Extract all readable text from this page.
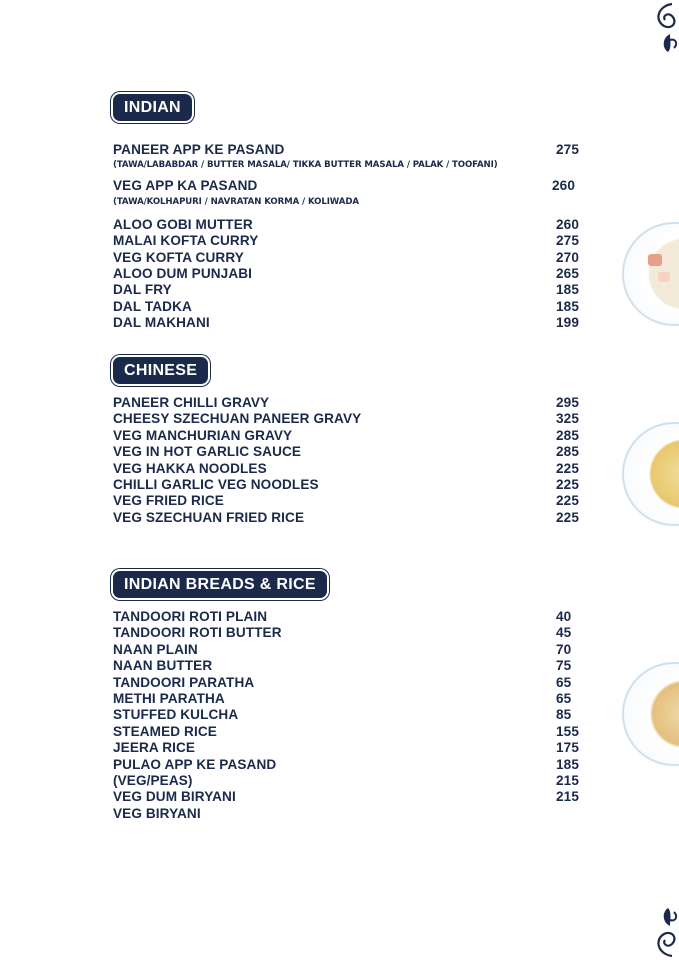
INDIAN
PANEER APP KE PASAND	275
(TAWA/LABABDAR / BUTTER MASALA/ TIKKA BUTTER MASALA / PALAK / TOOFANI)
VEG APP KA PASAND	260
(TAWA/KOLHAPURI / NAVRATAN KORMA / KOLIWADA
ALOO GOBI MUTTER	260
MALAI KOFTA CURRY	275
VEG KOFTA CURRY	270
ALOO DUM PUNJABI	265
DAL FRY	185
DAL TADKA	185
DAL MAKHANI	199
CHINESE
PANEER CHILLI GRAVY	295
CHEESY SZECHUAN PANEER GRAVY	325
VEG MANCHURIAN GRAVY	285
VEG IN HOT GARLIC SAUCE	285
VEG HAKKA NOODLES	225
CHILLI GARLIC VEG NOODLES	225
VEG FRIED RICE	225
VEG SZECHUAN FRIED RICE	225
INDIAN BREADS & RICE
TANDOORI ROTI PLAIN	40
TANDOORI ROTI BUTTER	45
NAAN PLAIN	70
NAAN BUTTER	75
TANDOORI PARATHA	65
METHI PARATHA	65
STUFFED KULCHA	85
STEAMED RICE	155
JEERA RICE	175
PULAO APP KE PASAND	185
(VEG/PEAS)	215
VEG DUM BIRYANI	215
VEG BIRYANI
